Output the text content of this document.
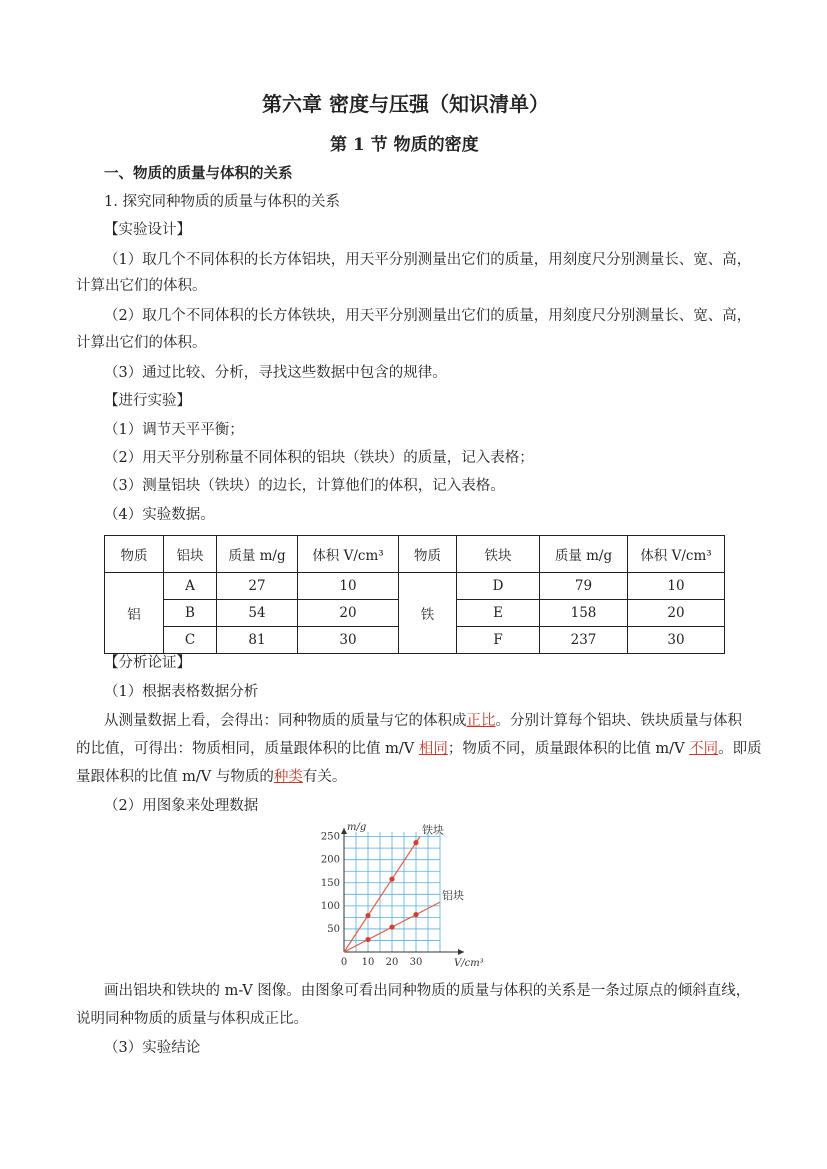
第六章 密度与压强（知识清单）
第 1 节 物质的密度
一、物质的质量与体积的关系
1. 探究同种物质的质量与体积的关系
【实验设计】
（1）取几个不同体积的长方体铝块，用天平分别测量出它们的质量，用刻度尺分别测量长、宽、高，
计算出它们的体积。
（2）取几个不同体积的长方体铁块，用天平分别测量出它们的质量，用刻度尺分别测量长、宽、高，
计算出它们的体积。
（3）通过比较、分析，寻找这些数据中包含的规律。
【进行实验】
（1）调节天平平衡；
（2）用天平分别称量不同体积的铝块（铁块）的质量，记入表格；
（3）测量铝块（铁块）的边长，计算他们的体积，记入表格。
（4）实验数据。
物质	铝块	质量 m/g	体积 V/cm³	物质	铁块	质量 m/g	体积 V/cm³
铝	A	27	10	铁	D	79	10
	B	54	20		E	158	20
	C	81	30		F	237	30
【分析论证】
（1）根据表格数据分析
从测量数据上看，会得出：同种物质的质量与它的体积成正比。分别计算每个铝块、铁块质量与体积
的比值，可得出：物质相同，质量跟体积的比值 m/V 相同；物质不同，质量跟体积的比值 m/V 不同。即质
量跟体积的比值 m/V 与物质的种类有关。
（2）用图象来处理数据
0 10 20 30
50
100
150
200
250
m/g
V/cm³
铁块
铝块
画出铝块和铁块的 m-V 图像。由图象可看出同种物质的质量与体积的关系是一条过原点的倾斜直线，
说明同种物质的质量与体积成正比。
（3）实验结论
